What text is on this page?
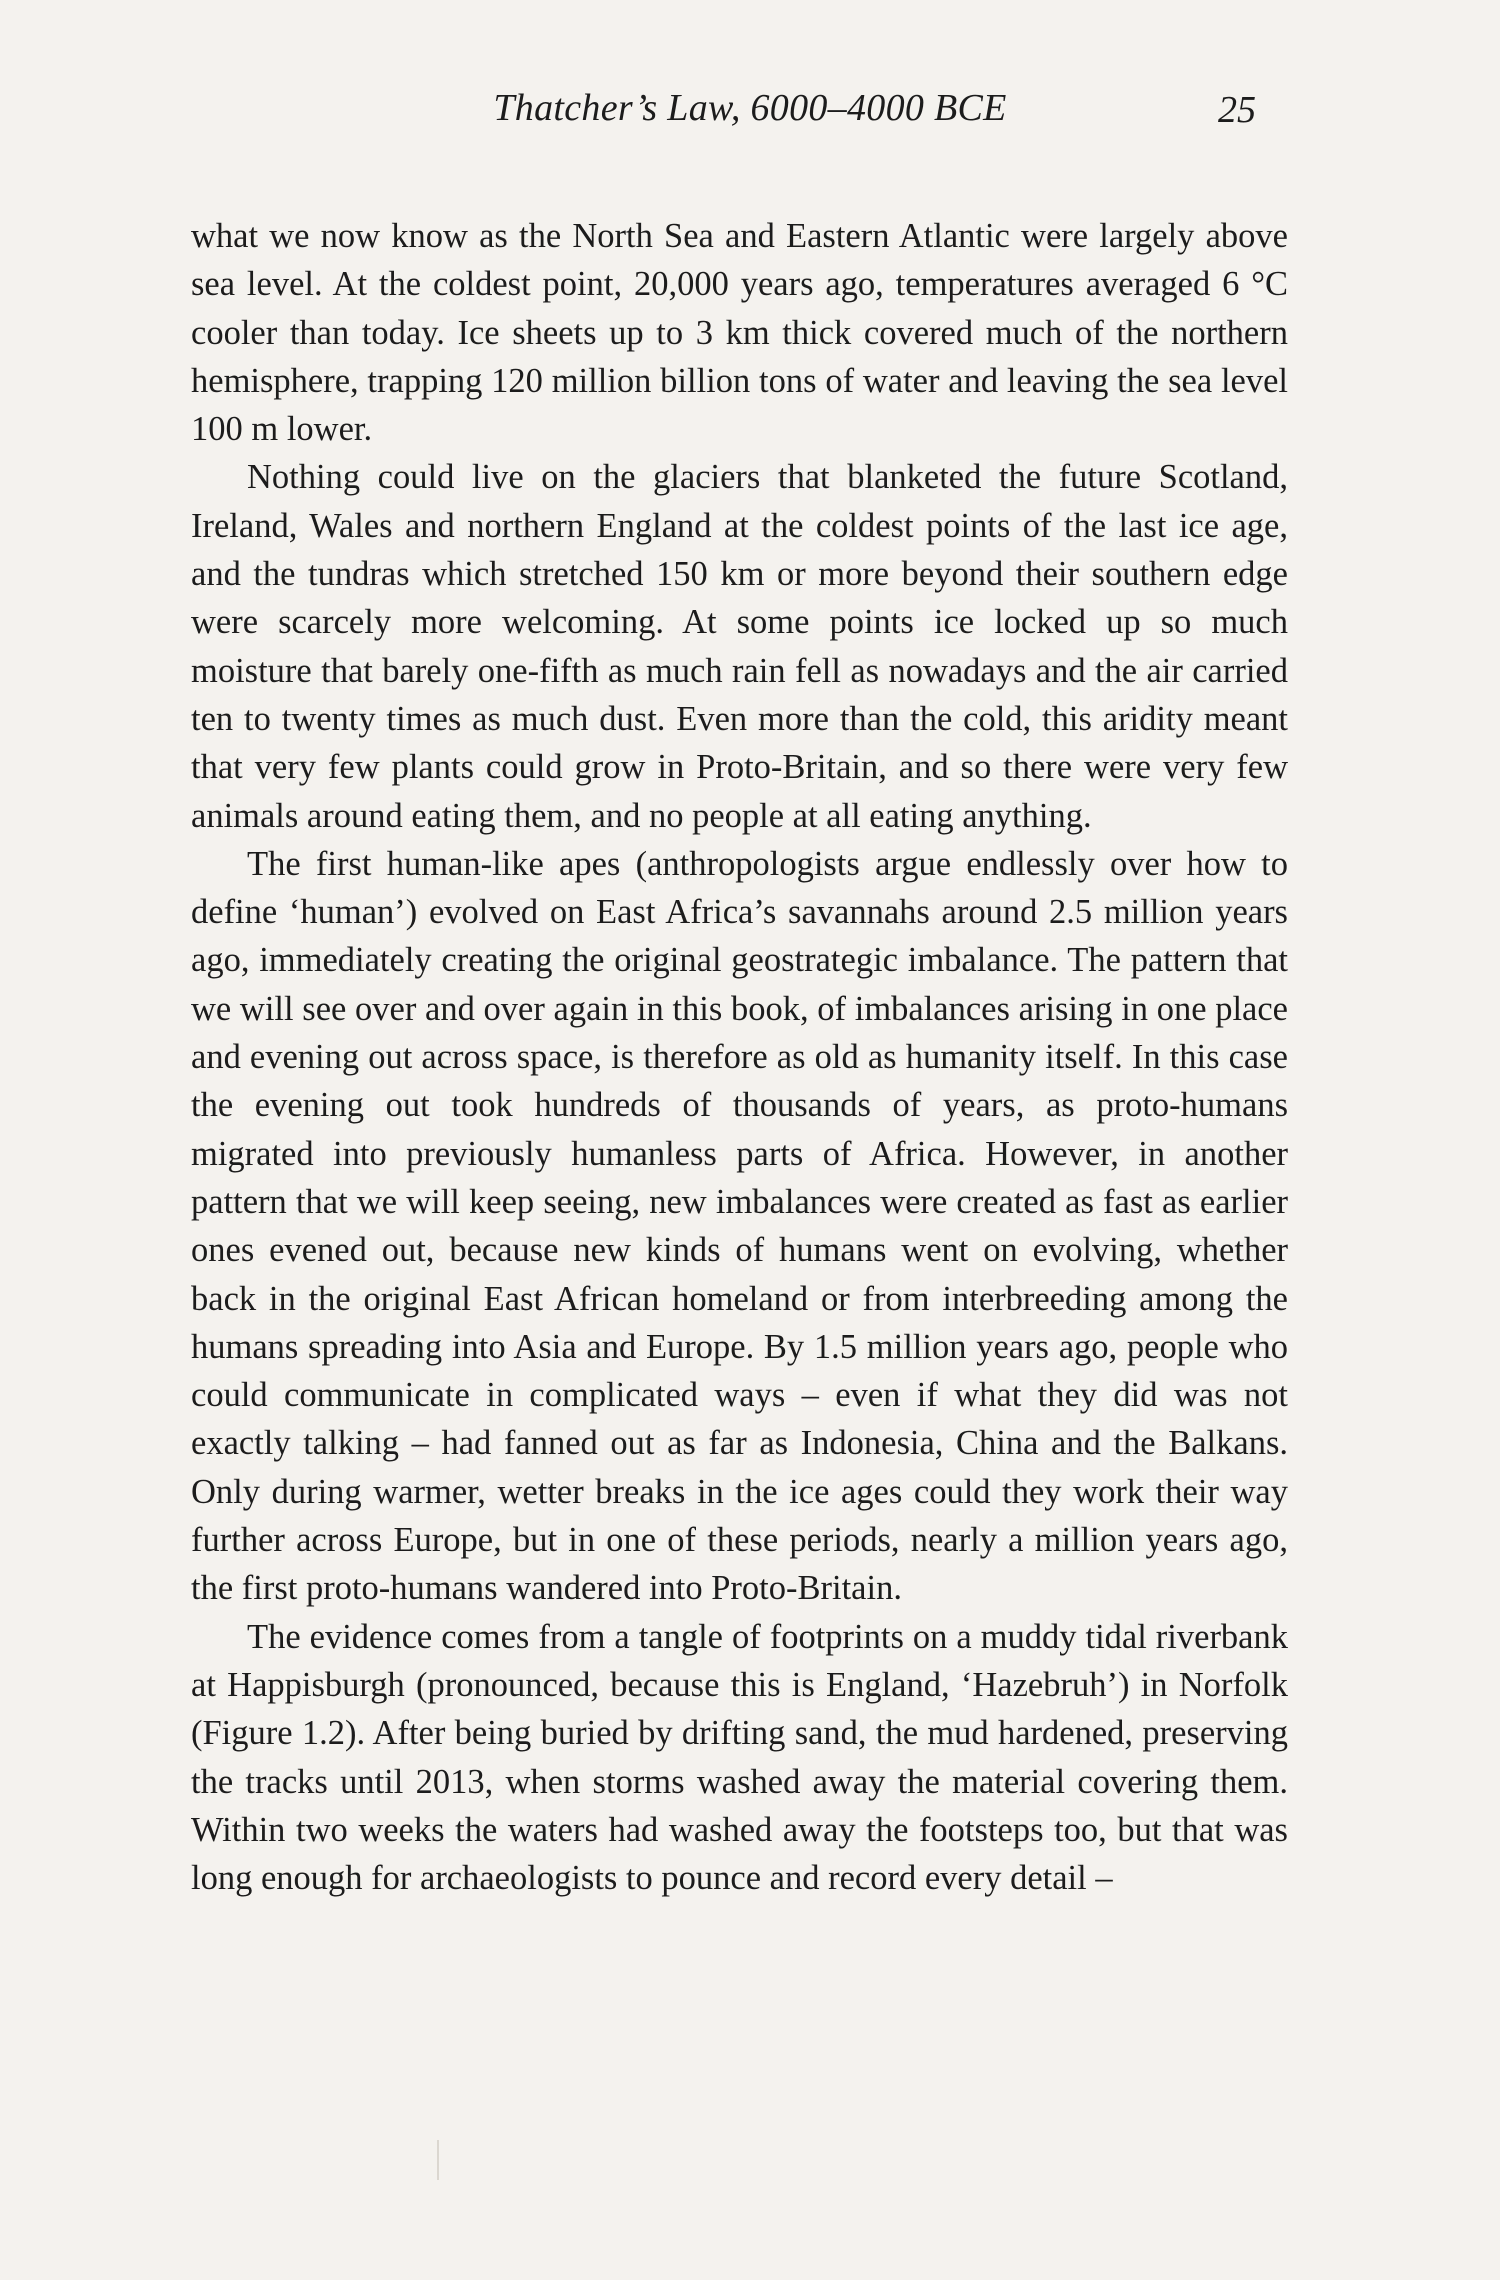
Thatcher’s Law, 6000–4000 BCE	25

what we now know as the North Sea and Eastern Atlantic were largely above sea level. At the coldest point, 20,000 years ago, temperatures averaged 6 °C cooler than today. Ice sheets up to 3 km thick covered much of the northern hemisphere, trapping 120 million billion tons of water and leaving the sea level 100 m lower.

Nothing could live on the glaciers that blanketed the future Scotland, Ireland, Wales and northern England at the coldest points of the last ice age, and the tundras which stretched 150 km or more beyond their southern edge were scarcely more welcoming. At some points ice locked up so much moisture that barely one-fifth as much rain fell as nowadays and the air carried ten to twenty times as much dust. Even more than the cold, this aridity meant that very few plants could grow in Proto-Britain, and so there were very few animals around eating them, and no people at all eating anything.

The first human-like apes (anthropologists argue endlessly over how to define ‘human’) evolved on East Africa’s savannahs around 2.5 million years ago, immediately creating the original geostrategic imbalance. The pattern that we will see over and over again in this book, of imbalances arising in one place and evening out across space, is therefore as old as humanity itself. In this case the evening out took hundreds of thousands of years, as proto-humans migrated into previously humanless parts of Africa. However, in another pattern that we will keep seeing, new imbalances were created as fast as earlier ones evened out, because new kinds of humans went on evolving, whether back in the original East African homeland or from interbreeding among the humans spreading into Asia and Europe. By 1.5 million years ago, people who could communicate in complicated ways – even if what they did was not exactly talking – had fanned out as far as Indonesia, China and the Balkans. Only during warmer, wetter breaks in the ice ages could they work their way further across Europe, but in one of these periods, nearly a million years ago, the first proto-humans wandered into Proto-Britain.

The evidence comes from a tangle of footprints on a muddy tidal riverbank at Happisburgh (pronounced, because this is England, ‘Hazebruh’) in Norfolk (Figure 1.2). After being buried by drifting sand, the mud hardened, preserving the tracks until 2013, when storms washed away the material covering them. Within two weeks the waters had washed away the footsteps too, but that was long enough for archaeologists to pounce and record every detail –
